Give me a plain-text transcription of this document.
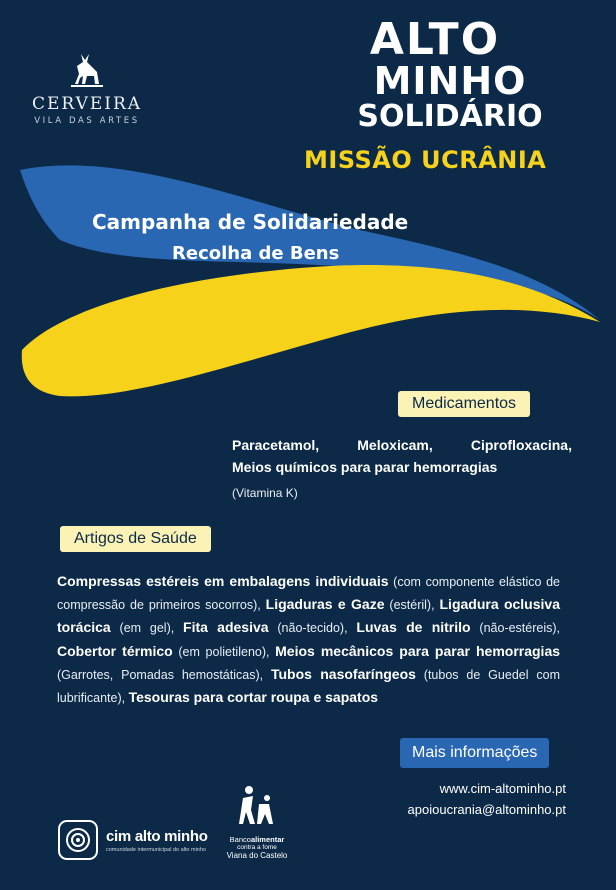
CERVEIRA
VILA DAS ARTES
ALTO
MINHO
SOLIDÁRIO
MISSÃO UCRÂNIA
Campanha de Solidariedade
Recolha de Bens
Medicamentos
Paracetamol,	Meloxicam,	Ciprofloxacina,
Meios químicos para parar hemorragias
(Vitamina K)
Artigos de Saúde
Compressas estéreis em embalagens individuais (com componente elástico de compressão de primeiros socorros), Ligaduras e Gaze (estéril), Ligadura oclusiva torácica (em gel), Fita adesiva (não-tecido), Luvas de nitrilo (não-estéreis), Cobertor térmico (em polietileno), Meios mecânicos para parar hemorragias (Garrotes, Pomadas hemostáticas), Tubos nasofaríngeos (tubos de Guedel com lubrificante), Tesouras para cortar roupa e sapatos
Mais informações
www.cim-altominho.pt
apoioucrania@altominho.pt
cim alto minho
comunidade intermunicipal do alto minho
Bancoalimentar
contra a fome
Viana do Castelo
